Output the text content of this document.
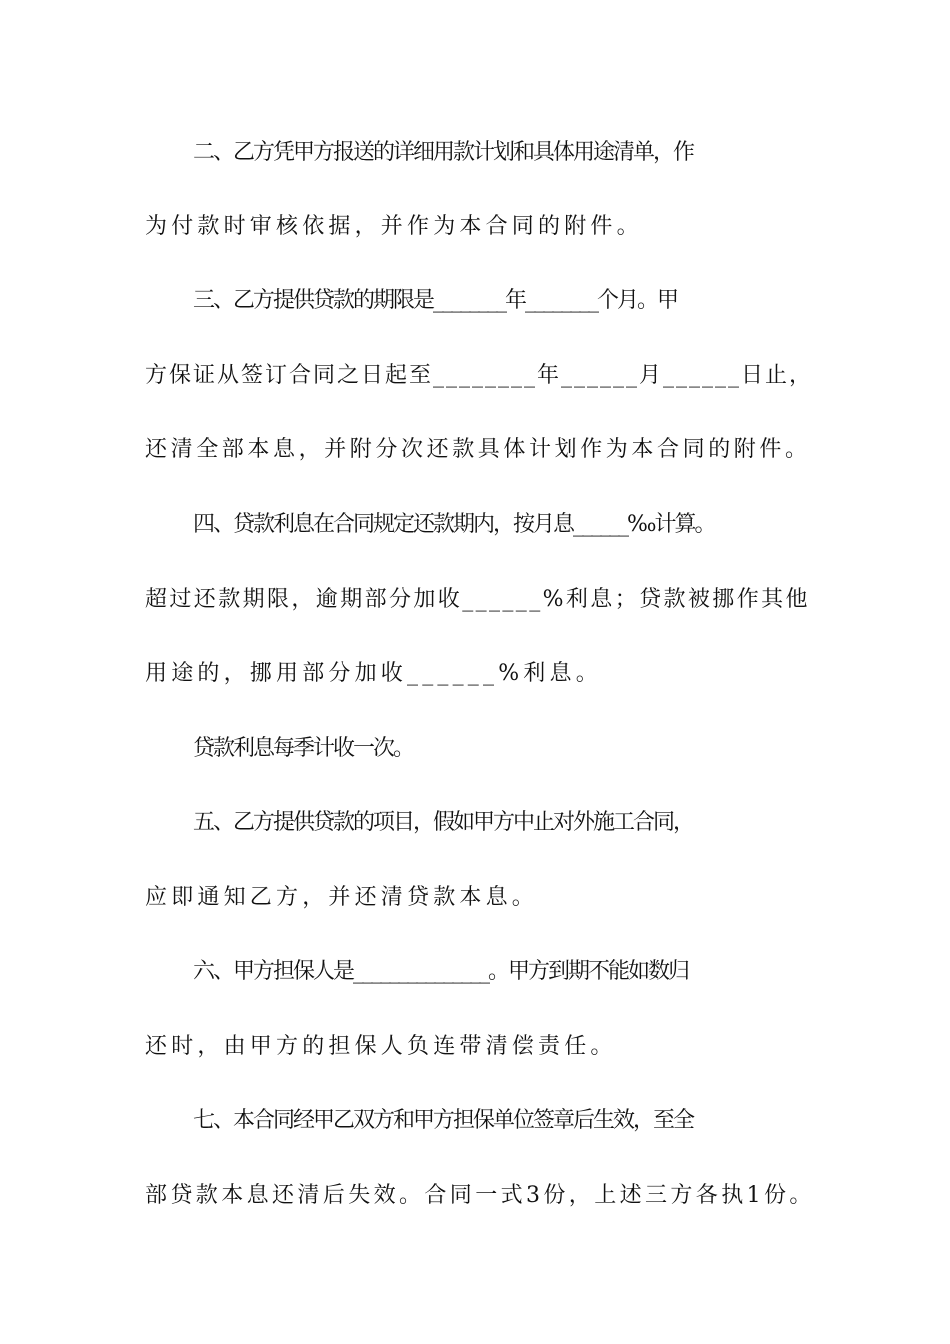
二、乙方凭甲方报送的详细用款计划和具体用途清单，作
为付款时审核依据，并作为本合同的附件。
三、乙方提供贷款的期限是________年________个月。甲
方保证从签订合同之日起至________年______月______日止，
还清全部本息，并附分次还款具体计划作为本合同的附件。
四、贷款利息在合同规定还款期内，按月息______‰计算。
超过还款期限，逾期部分加收______%利息；贷款被挪作其他
用途的，挪用部分加收______%利息。
贷款利息每季计收一次。
五、乙方提供贷款的项目，假如甲方中止对外施工合同，
应即通知乙方，并还清贷款本息。
六、甲方担保人是_______________。甲方到期不能如数归
还时，由甲方的担保人负连带清偿责任。
七、本合同经甲乙双方和甲方担保单位签章后生效，至全
部贷款本息还清后失效。合同一式3份，上述三方各执1份。
